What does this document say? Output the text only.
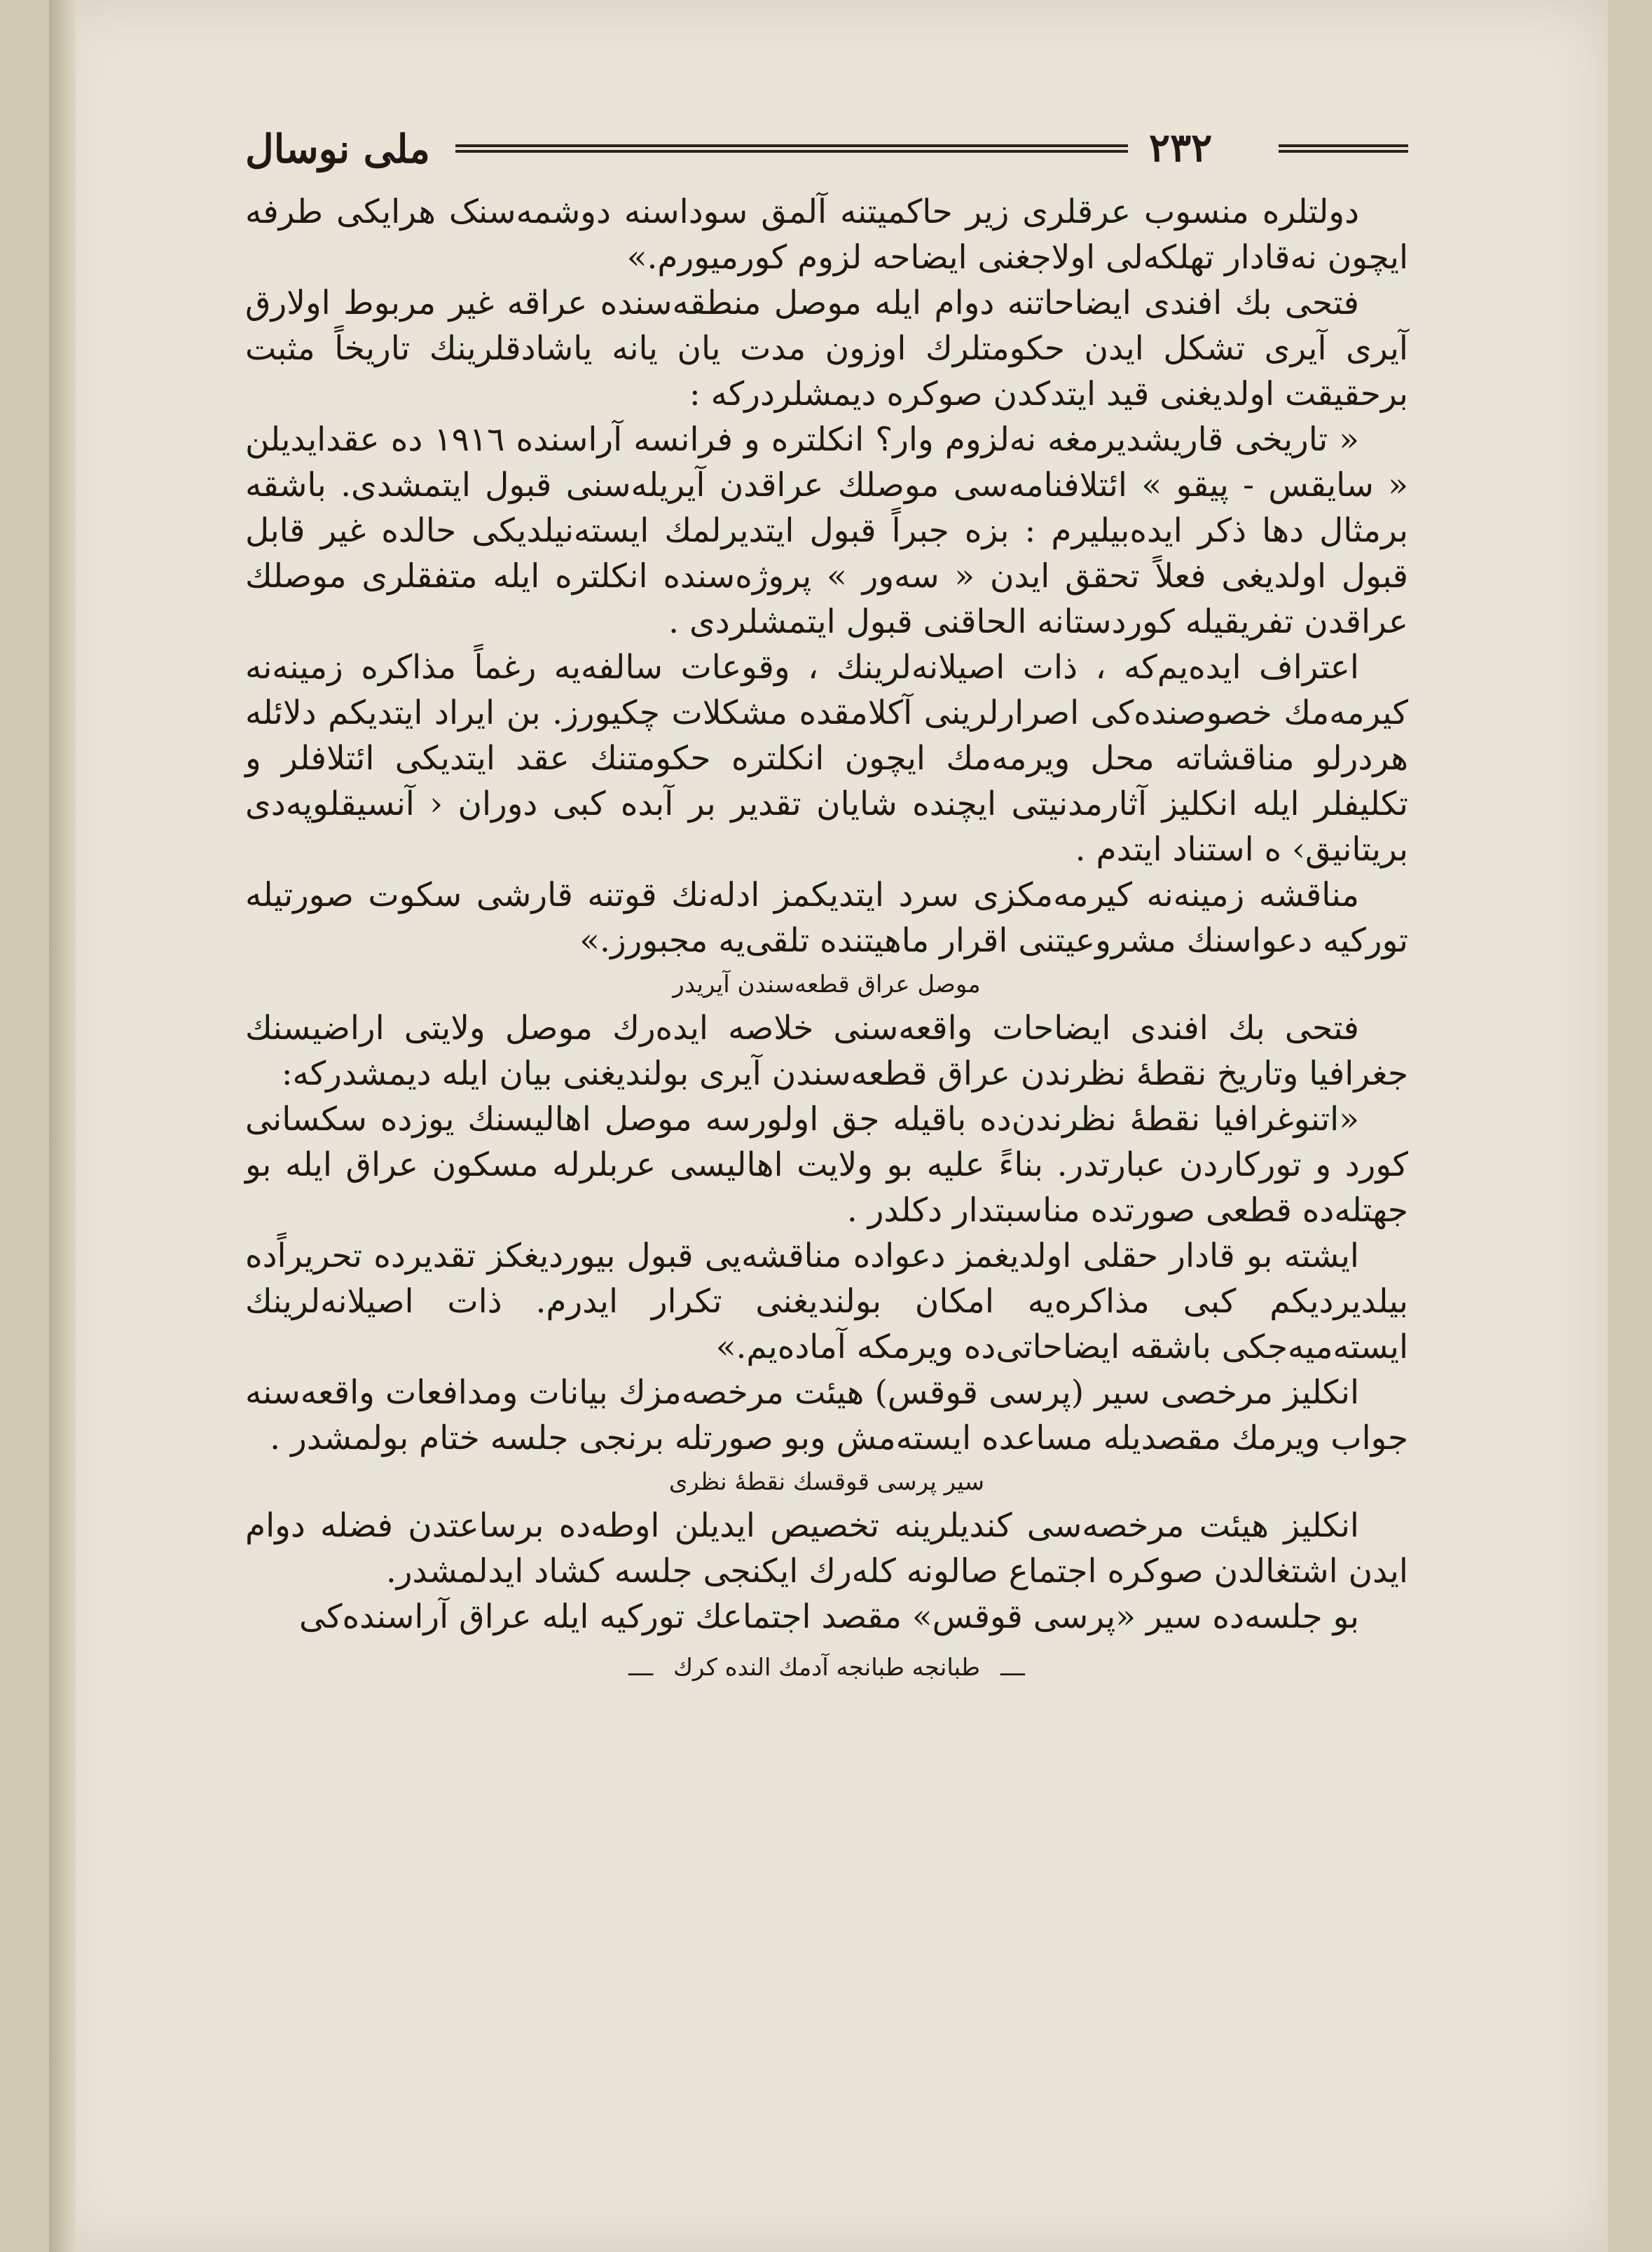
٢٣٢
ملی نوسال

دولتلره منسوب عرقلری زیر حاکمیتنه آلمق سوداسنه دوشمه‌سنک هرایکی طرفه ایچون نه‌قادار تهلکه‌لی اولاجغنی ایضاحه لزوم کورمیورم.»

فتحی بك افندی ایضاحاتنه دوام ایله موصل منطقه‌سنده عراقه غیر مربوط اولارق آیری آیری تشکل ایدن حکومتلرك اوزون مدت یان یانه یاشادقلرینك تاریخاً مثبت برحقیقت اولدیغنی قید ایتدکدن صوکره دیمشلردرکه :

« تاریخی قاریشدیرمغه نه‌لزوم وار؟ انکلتره و فرانسه آراسنده ١٩١٦ ده عقدایدیلن « سایقس - پیقو » ائتلافنامه‌سی موصلك عراقدن آیریله‌سنی قبول ایتمشدی. باشقه برمثال دها ذکر ایده‌بیلیرم : بزه جبراً قبول ایتدیرلمك ایسته‌نیلدیکی حالده غیر قابل قبول اولدیغی فعلاً تحقق ایدن « سه‌ور » پروژه‌سنده انکلتره ایله متفقلری موصلك عراقدن تفریقیله کوردستانه الحاقنی قبول ایتمشلردی .

اعتراف ایده‌یم‌که ، ذات اصیلانه‌لرینك ، وقوعات سالفه‌یه رغماً مذاکره زمینه‌نه کیرمه‌مك خصوصنده‌کی اصرارلرینی آکلامقده مشکلات چکیورز. بن ایراد ایتدیکم دلائله هردرلو مناقشاته محل ویرمه‌مك ایچون انکلتره حکومتنك عقد ایتدیکی ائتلافلر و تکلیفلر ایله انکلیز آثارمدنیتی ایچنده شایان تقدیر بر آبده کبی دوران ‹ آنسیقلوپه‌دی بریتانیق› ه استناد ایتدم .

مناقشه زمینه‌نه کیرمه‌مکزی سرد ایتدیکمز ادله‌نك قوتنه قارشی سکوت صورتیله تورکیه دعواسنك مشروعیتنی اقرار ماهیتنده تلقی‌یه مجبورز.»

موصل عراق قطعه‌سندن آیریدر

فتحی بك افندی ایضاحات واقعه‌سنی خلاصه ایده‌رك موصل ولایتی اراضیسنك جغرافیا وتاریخ نقطهٔ نظرندن عراق قطعه‌سندن آیری بولندیغنی بیان ایله دیمشدرکه:

«اتنوغرافیا نقطهٔ نظرندن‌ده باقیله‌ جق اولورسه موصل اهالیسنك یوزده سکسانی کورد و تورکاردن عبارتدر. بناءً علیه بو ولایت اهالیسی عربلرله مسکون عراق ایله بو جهتله‌ده قطعی صورتده مناسبتدار دکلدر .

ایشته بو قادار حقلی اولدیغمز دعواده مناقشه‌یی قبول بیوردیغکز تقدیرده تحریراًده بیلدیردیکم کبی مذاکره‌یه امکان بولندیغنی تکرار ایدرم. ذات اصیلانه‌لرینك ایسته‌میه‌جکی باشقه ایضاحاتی‌ده ویرمکه آماده‌یم.»

انکلیز مرخصی سیر (پرسی قوقس) هیئت مرخصه‌مزك بیانات ومدافعات واقعه‌سنه جواب ویرمك مقصدیله مساعده ایسته‌مش وبو صورتله برنجی جلسه ختام بولمشدر .

سیر پرسی قوقسك نقطهٔ نظری

انکلیز هیئت مرخصه‌سی کندیلرینه تخصیص ایدیلن اوطه‌ده برساعتدن فضله دوام ایدن اشتغالدن صوکره اجتماع صالونه کله‌رك ایکنجی جلسه کشاد ایدلمشدر.

بو جلسه‌ده سیر «پرسی قوقس» مقصد اجتماعك تورکیه ایله عراق آراسنده‌کی

ــــ طبانجه طبانجه آدمك النده کرك ــــ
